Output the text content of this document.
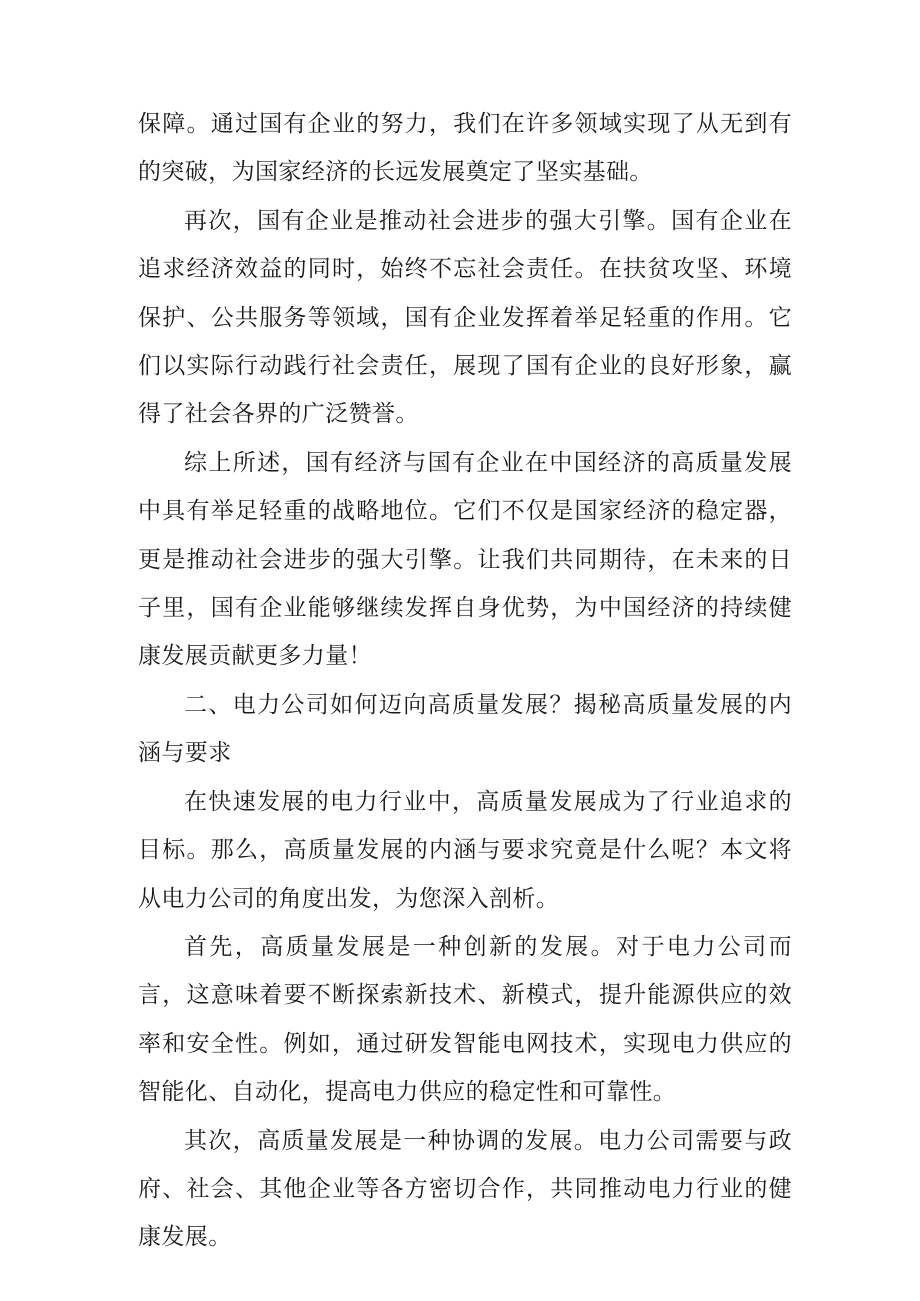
保障。通过国有企业的努力，我们在许多领域实现了从无到有的突破，为国家经济的长远发展奠定了坚实基础。

再次，国有企业是推动社会进步的强大引擎。国有企业在追求经济效益的同时，始终不忘社会责任。在扶贫攻坚、环境保护、公共服务等领域，国有企业发挥着举足轻重的作用。它们以实际行动践行社会责任，展现了国有企业的良好形象，赢得了社会各界的广泛赞誉。

综上所述，国有经济与国有企业在中国经济的高质量发展中具有举足轻重的战略地位。它们不仅是国家经济的稳定器，更是推动社会进步的强大引擎。让我们共同期待，在未来的日子里，国有企业能够继续发挥自身优势，为中国经济的持续健康发展贡献更多力量！

二、电力公司如何迈向高质量发展？揭秘高质量发展的内涵与要求

在快速发展的电力行业中，高质量发展成为了行业追求的目标。那么，高质量发展的内涵与要求究竟是什么呢？本文将从电力公司的角度出发，为您深入剖析。

首先，高质量发展是一种创新的发展。对于电力公司而言，这意味着要不断探索新技术、新模式，提升能源供应的效率和安全性。例如，通过研发智能电网技术，实现电力供应的智能化、自动化，提高电力供应的稳定性和可靠性。

其次，高质量发展是一种协调的发展。电力公司需要与政府、社会、其他企业等各方密切合作，共同推动电力行业的健康发展。
